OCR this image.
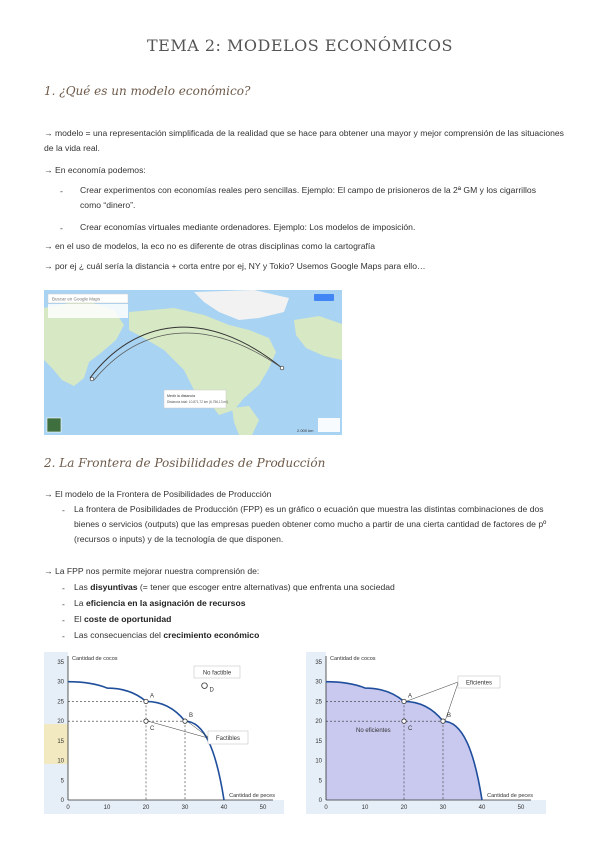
TEMA 2: MODELOS ECONÓMICOS
1. ¿Qué es un modelo económico?
→ modelo = una representación simplificada de la realidad que se hace para obtener una mayor y mejor comprensión de las situaciones de la vida real.
→ En economía podemos:
- Crear experimentos con economías reales pero sencillas. Ejemplo: El campo de prisioneros de la 2ª GM y los cigarrillos como “dinero”.
- Crear economías virtuales mediante ordenadores. Ejemplo: Los modelos de imposición.
→ en el uso de modelos, la eco no es diferente de otras disciplinas como la cartografía
→ por ej ¿ cuál sería la distancia + corta entre por ej, NY y Tokio? Usemos Google Maps para ello…
Buscar en Google Maps
Medir la distancia
Distancia total: 10.871,72 km (6.756,13 mi)
2.000 km
2. La Frontera de Posibilidades de Producción
→ El modelo de la Frontera de Posibilidades de Producción
- La frontera de Posibilidades de Producción (FPP) es un gráfico o ecuación que muestra las distintas combinaciones de dos bienes o servicios (outputs) que las empresas pueden obtener como mucho a partir de una cierta cantidad de factores de pº (recursos o inputs) y de la tecnología de que disponen.
→ La FPP nos permite mejorar nuestra comprensión de:
- Las disyuntivas (= tener que escoger entre alternativas) que enfrenta una sociedad
- La eficiencia en la asignación de recursos
- El coste de oportunidad
- Las consecuencias del crecimiento económico
0
5
10
15
20
25
30
35
0	10	20	30	40	50
Cantidad de cocos
Cantidad de peces
A
B
C
D
No factible
Factibles
0
5
10
15
20
25
30
35
0	10	20	30	40	50
Cantidad de cocos
Cantidad de peces
A
B
C
Eficientes
No eficientes
